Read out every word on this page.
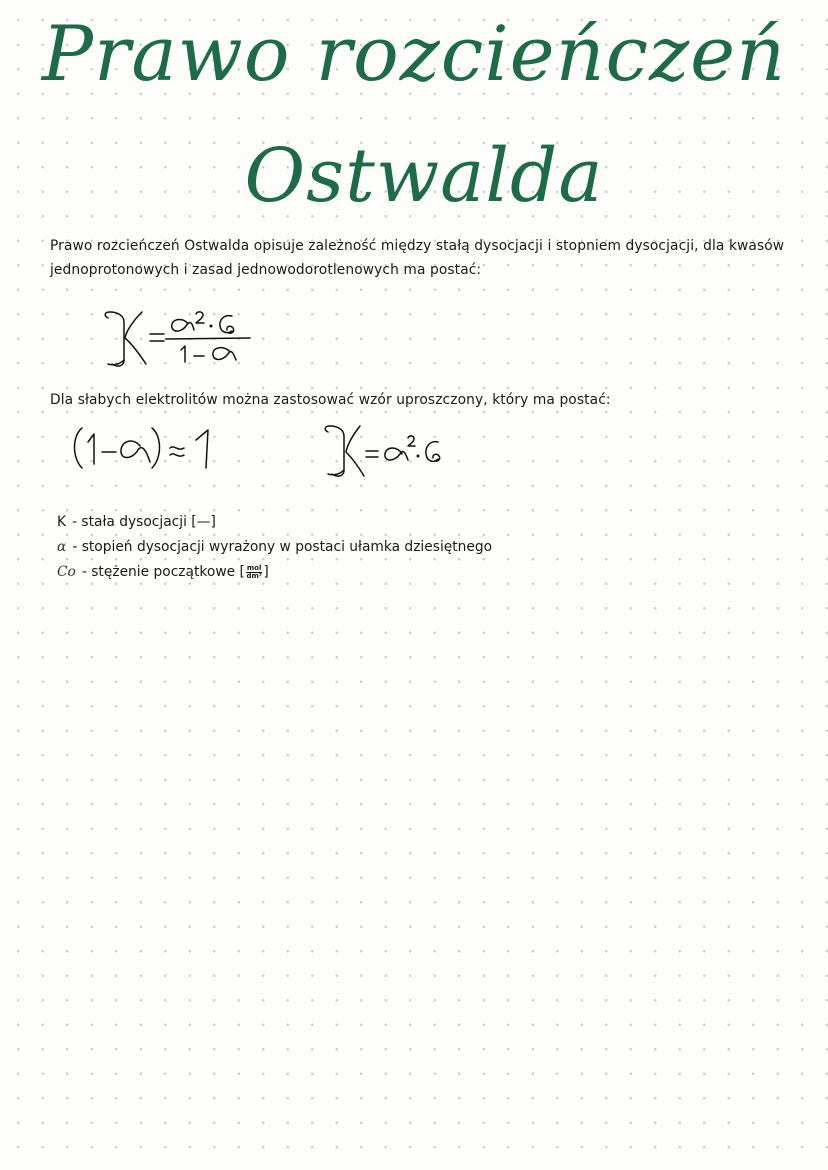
Prawo rozcieńczeń
Ostwalda
Prawo rozcieńczeń Ostwalda opisuje zależność między stałą dysocjacji i stopniem dysocjacji, dla kwasów jednoprotonowych i zasad jednowodorotlenowych ma postać:
Dla słabych elektrolitów można zastosować wzór uproszczony, który ma postać:
K - stała dysocjacji [—]
α - stopień dysocjacji wyrażony w postaci ułamka dziesiętnego
Co - stężenie początkowe [ $\frac{\text{mol}}{\text{dm³}}$ ]
